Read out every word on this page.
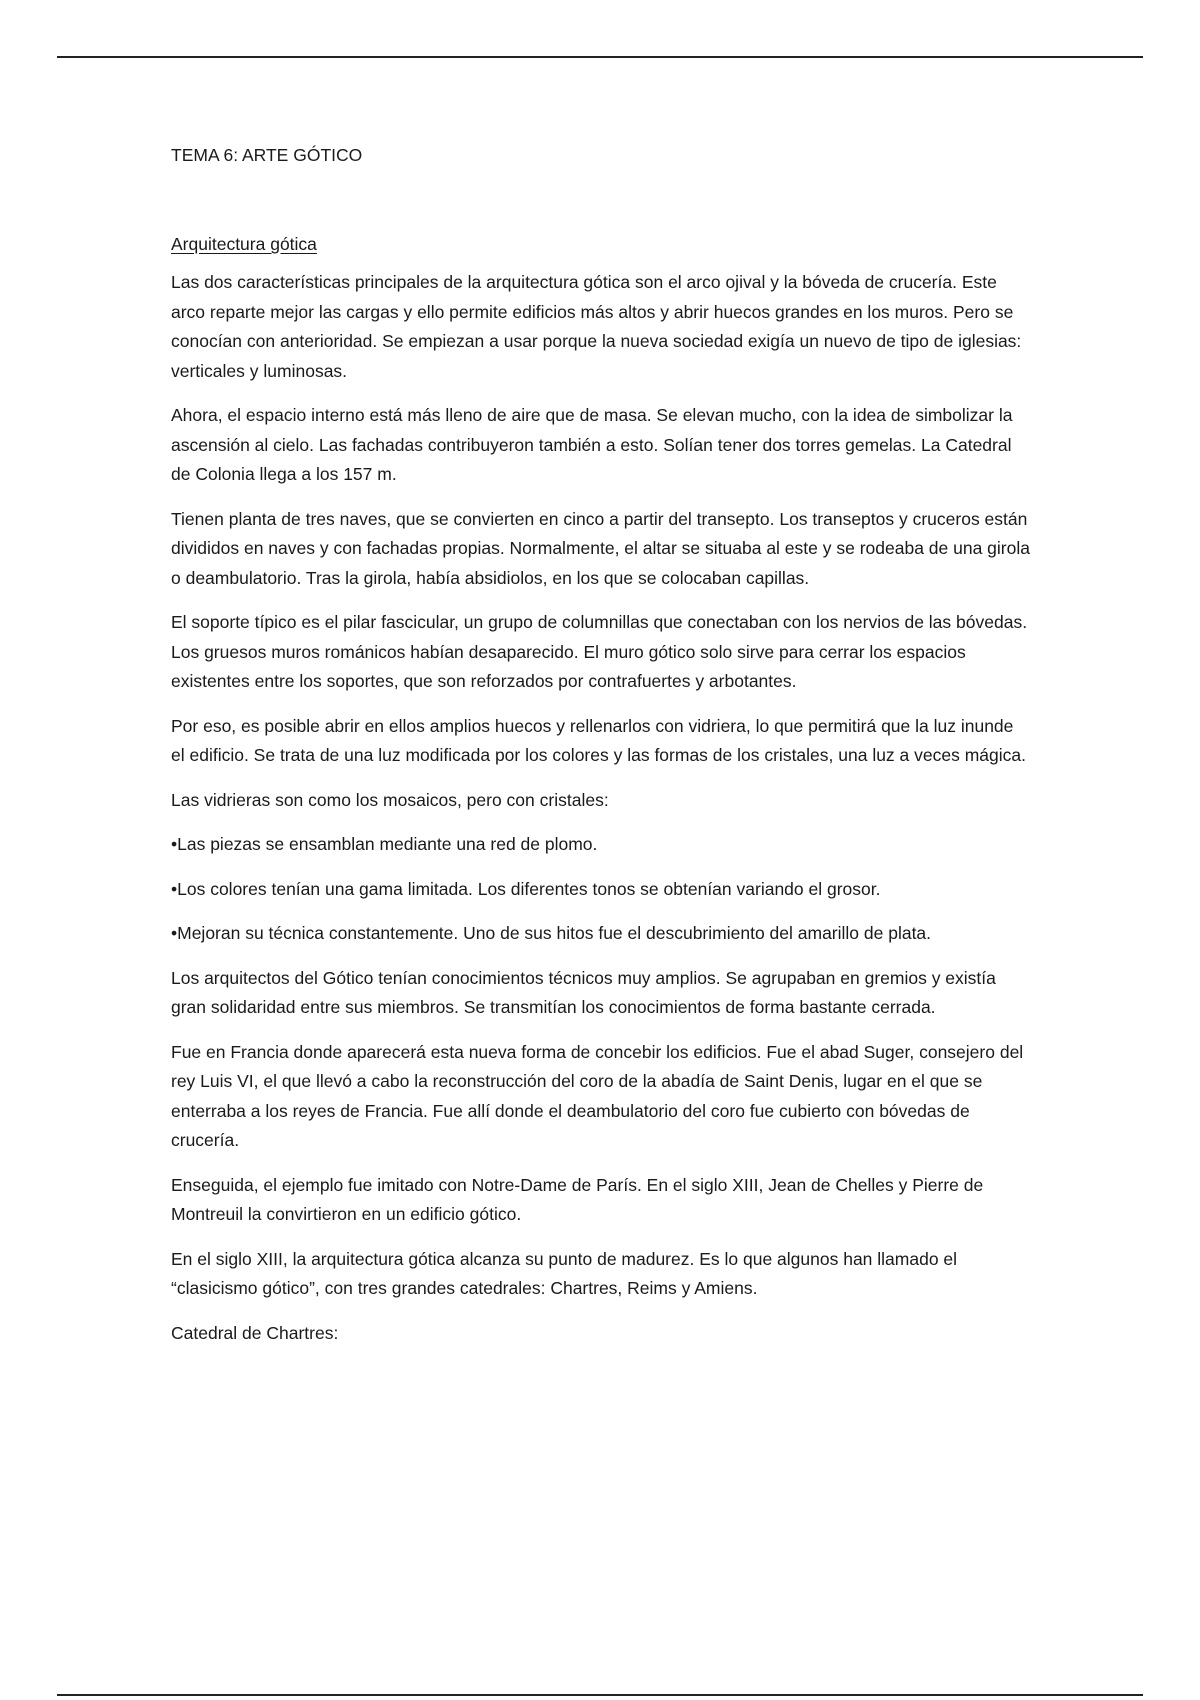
TEMA 6: ARTE GÓTICO

Arquitectura gótica

Las dos características principales de la arquitectura gótica son el arco ojival y la bóveda de crucería. Este arco reparte mejor las cargas y ello permite edificios más altos y abrir huecos grandes en los muros. Pero se conocían con anterioridad. Se empiezan a usar porque la nueva sociedad exigía un nuevo de tipo de iglesias: verticales y luminosas.

Ahora, el espacio interno está más lleno de aire que de masa. Se elevan mucho, con la idea de simbolizar la ascensión al cielo. Las fachadas contribuyeron también a esto. Solían tener dos torres gemelas. La Catedral de Colonia llega a los 157 m.

Tienen planta de tres naves, que se convierten en cinco a partir del transepto. Los transeptos y cruceros están divididos en naves y con fachadas propias. Normalmente, el altar se situaba al este y se rodeaba de una girola o deambulatorio. Tras la girola, había absidiolos, en los que se colocaban capillas.

El soporte típico es el pilar fascicular, un grupo de columnillas que conectaban con los nervios de las bóvedas. Los gruesos muros románicos habían desaparecido. El muro gótico solo sirve para cerrar los espacios existentes entre los soportes, que son reforzados por contrafuertes y arbotantes.

Por eso, es posible abrir en ellos amplios huecos y rellenarlos con vidriera, lo que permitirá que la luz inunde el edificio. Se trata de una luz modificada por los colores y las formas de los cristales, una luz a veces mágica.

Las vidrieras son como los mosaicos, pero con cristales:

•Las piezas se ensamblan mediante una red de plomo.

•Los colores tenían una gama limitada. Los diferentes tonos se obtenían variando el grosor.

•Mejoran su técnica constantemente. Uno de sus hitos fue el descubrimiento del amarillo de plata.

Los arquitectos del Gótico tenían conocimientos técnicos muy amplios. Se agrupaban en gremios y existía gran solidaridad entre sus miembros. Se transmitían los conocimientos de forma bastante cerrada.

Fue en Francia donde aparecerá esta nueva forma de concebir los edificios. Fue el abad Suger, consejero del rey Luis VI, el que llevó a cabo la reconstrucción del coro de la abadía de Saint Denis, lugar en el que se enterraba a los reyes de Francia. Fue allí donde el deambulatorio del coro fue cubierto con bóvedas de crucería.

Enseguida, el ejemplo fue imitado con Notre-Dame de París. En el siglo XIII, Jean de Chelles y Pierre de Montreuil la convirtieron en un edificio gótico.

En el siglo XIII, la arquitectura gótica alcanza su punto de madurez. Es lo que algunos han llamado el “clasicismo gótico”, con tres grandes catedrales: Chartres, Reims y Amiens.

Catedral de Chartres:
